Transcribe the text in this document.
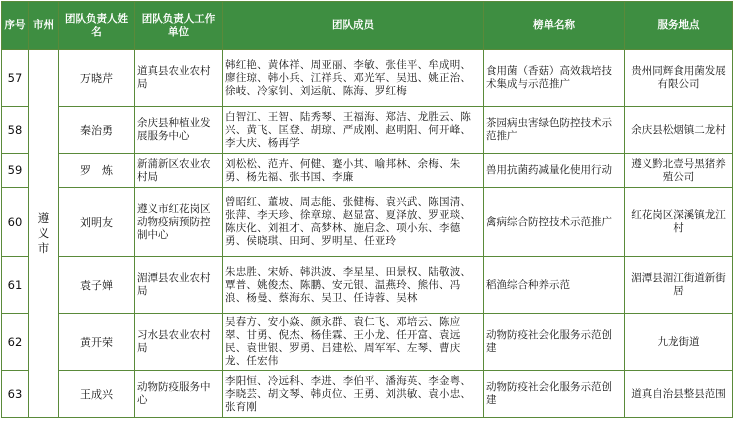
序号	市州	团队负责人姓名	团队负责人工作单位	团队成员	榜单名称	服务地点
57	遵义市	万晓芹	道真县农业农村局	韩红艳、黄体祥、周亚丽、李敏、张佳平、牟成明、廖往琼、韩小兵、江祥兵、邓光军、吴迅、姚正治、徐岐、冷家钊、刘运航、陈海、罗红梅	食用菌（香菇）高效栽培技术集成与示范推广	贵州同辉食用菌发展有限公司
58		秦治勇	余庆县种植业发展服务中心	白智江、王智、陆秀琴、王福海、郑洁、龙胜云、陈兴、黄飞、匡登、胡琼、严成刚、赵明阳、何开峰、李大庆、杨再学	茶园病虫害绿色防控技术示范推广	余庆县松烟镇二龙村
59		罗　炼	新蒲新区农业农村局	刘松松、范卉、何健、蹇小其、喻邦林、余梅、朱勇、杨先福、张书国、李廉	兽用抗菌药减量化使用行动	遵义黔北壹号黑猪养殖公司
60		刘明友	遵义市红花岗区动物疫病预防控制中心	曾昭红、董坡、周志能、张健梅、袁兴武、陈国清、张萍、李天珍、徐章琼、赵显富、夏泽放、罗亚琰、陈庆化、刘祖才、高梦林、施启念、项小东、李德勇、侯晓琪、田珂、罗明星、任亚玲	禽病综合防控技术示范推广	红花岗区深溪镇龙江村
61		袁子婵	湄潭县农业农村局	朱忠胜、宋娇、韩洪波、李星星、田景权、陆敬波、覃普、姚俊杰、陈鹏、安元银、温燕玲、熊伟、冯浪、杨曼、蔡海东、吴卫、任诗蓉、吴林	稻渔综合种养示范	湄潭县湄江街道新街居
62		黄开荣	习水县农业农村局	吴春方、安小焱、颜永群、袁仁飞、邓培云、陈应翠、甘勇、倪杰、杨佳霖、王小龙、任开富、袁远民、袁世银、罗勇、吕建松、周军军、左琴、曹庆龙、任宏伟	动物防疫社会化服务示范创建	九龙街道
63		王成兴	动物防疫服务中心	李阳恒、冷远科、李进、李伯平、潘海英、李金粤、李晓芸、胡文琴、韩贞位、王勇、刘洪敏、袁小忠、张育刚	动物防疫社会化服务示范创建	道真自治县整县范围
